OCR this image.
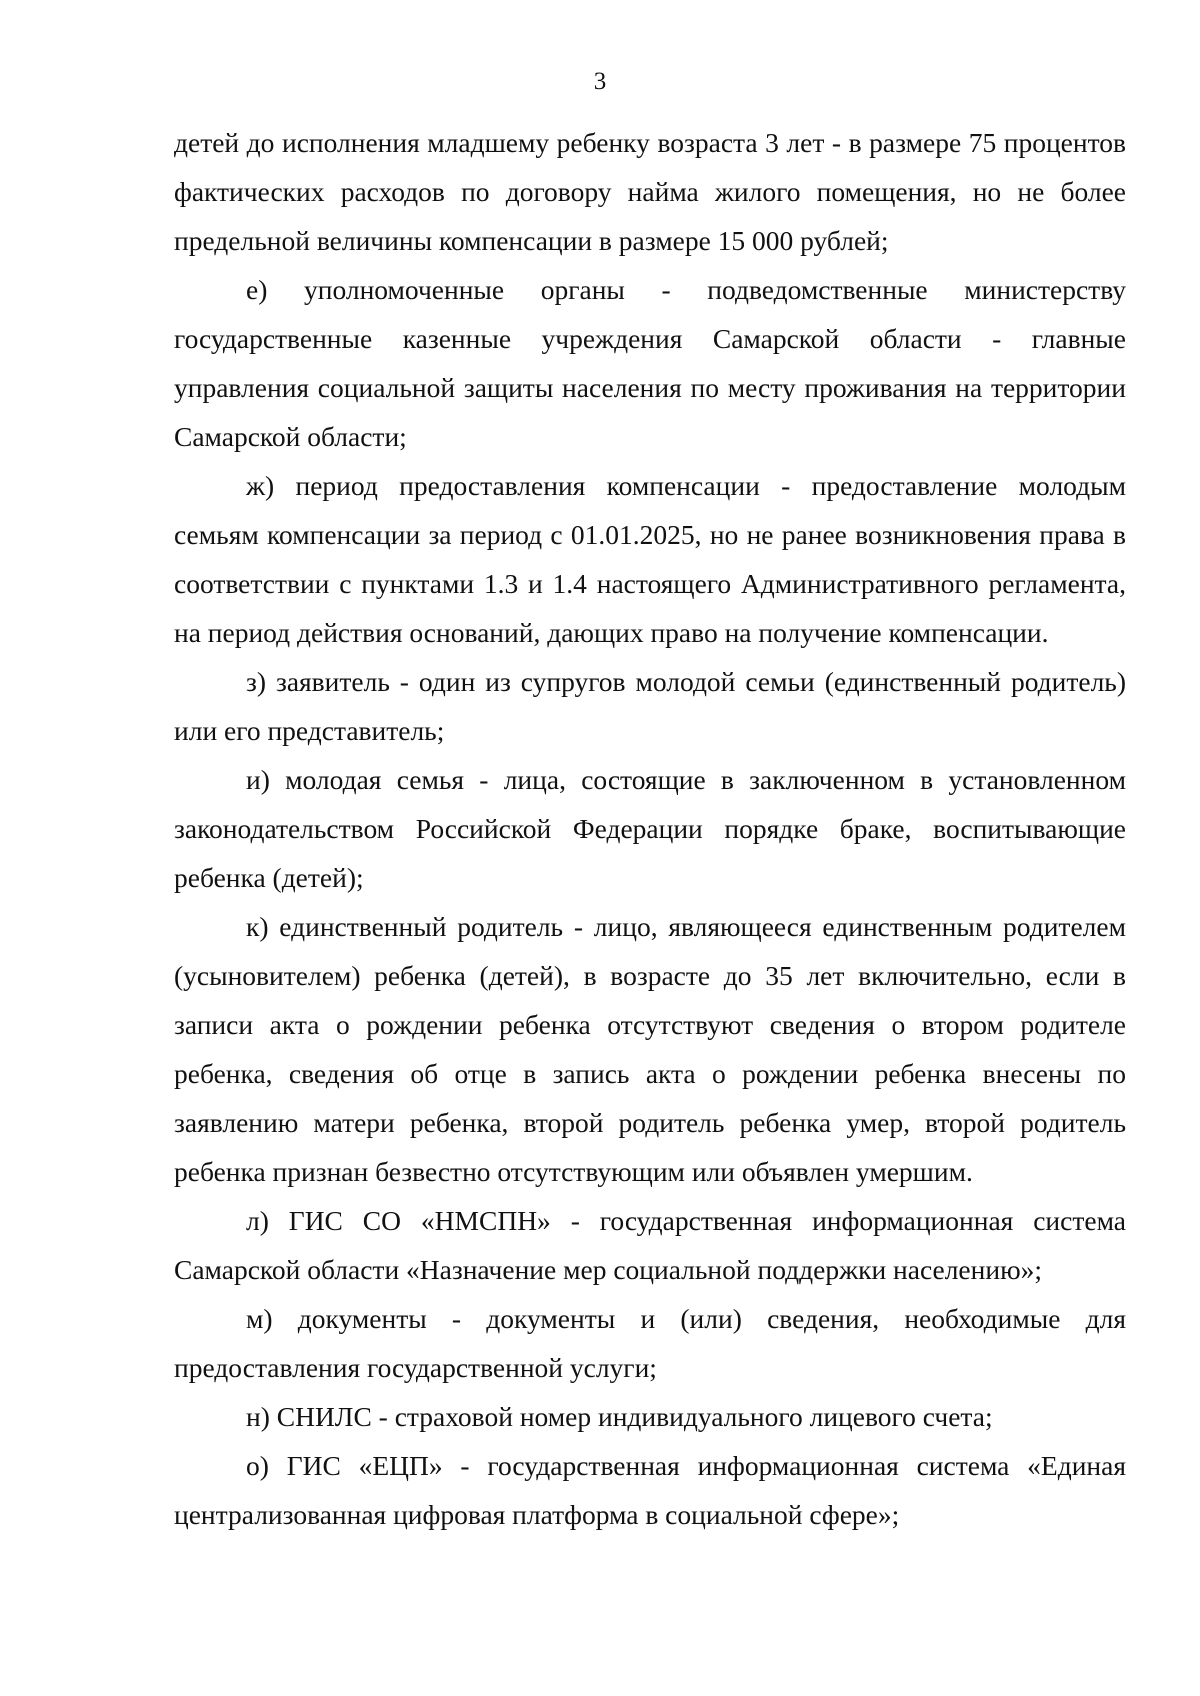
3

детей до исполнения младшему ребенку возраста 3 лет - в размере 75 процентов фактических расходов по договору найма жилого помещения, но не более предельной величины компенсации в размере 15 000 рублей;

е) уполномоченные органы - подведомственные министерству государственные казенные учреждения Самарской области - главные управления социальной защиты населения по месту проживания на территории Самарской области;

ж) период предоставления компенсации - предоставление молодым семьям компенсации за период с 01.01.2025, но не ранее возникновения права в соответствии с пунктами 1.3 и 1.4 настоящего Административного регламента, на период действия оснований, дающих право на получение компенсации.

з) заявитель - один из супругов молодой семьи (единственный родитель) или его представитель;

и) молодая семья - лица, состоящие в заключенном в установленном законодательством Российской Федерации порядке браке, воспитывающие ребенка (детей);

к) единственный родитель - лицо, являющееся единственным родителем (усыновителем) ребенка (детей), в возрасте до 35 лет включительно, если в записи акта о рождении ребенка отсутствуют сведения о втором родителе ребенка, сведения об отце в запись акта о рождении ребенка внесены по заявлению матери ребенка, второй родитель ребенка умер, второй родитель ребенка признан безвестно отсутствующим или объявлен умершим.

л) ГИС СО «НМСПН» - государственная информационная система Самарской области «Назначение мер социальной поддержки населению»;

м) документы - документы и (или) сведения, необходимые для предоставления государственной услуги;

н) СНИЛС - страховой номер индивидуального лицевого счета;

о) ГИС «ЕЦП» - государственная информационная система «Единая централизованная цифровая платформа в социальной сфере»;
